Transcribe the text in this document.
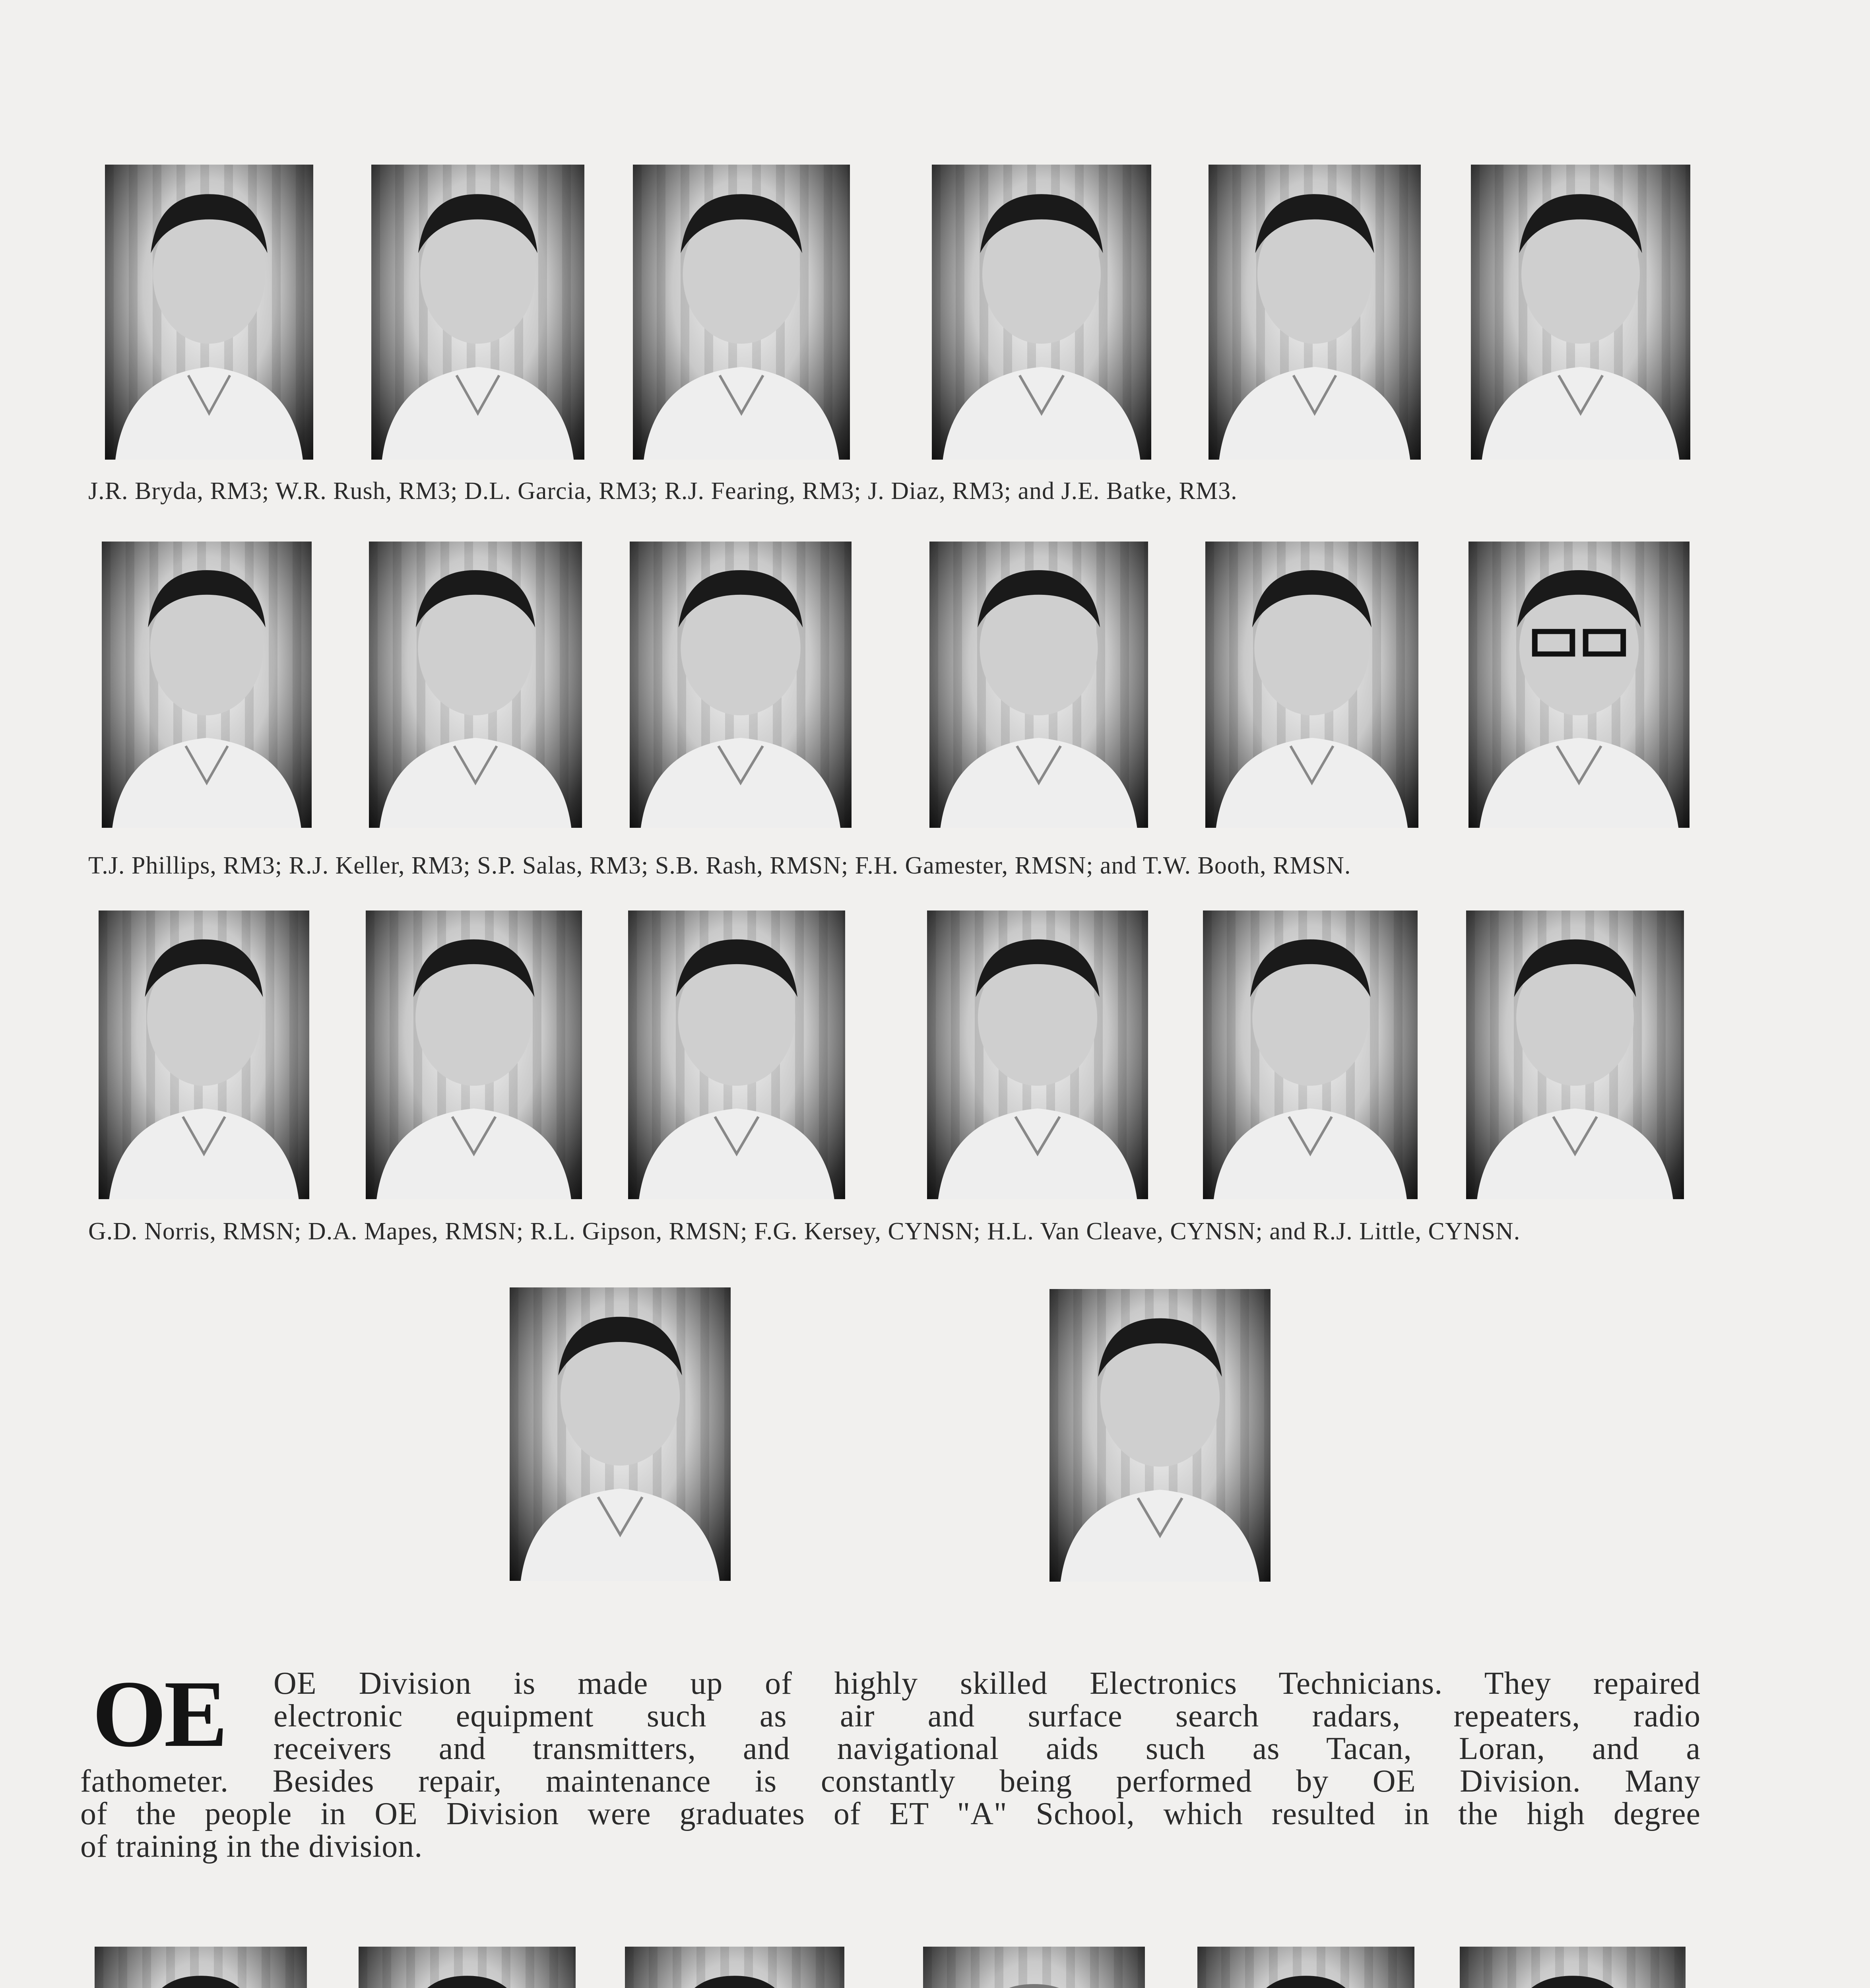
J.R. Bryda, RM3; W.R. Rush, RM3; D.L. Garcia, RM3; R.J. Fearing, RM3; J. Diaz, RM3; and J.E. Batke, RM3.
T.J. Phillips, RM3; R.J. Keller, RM3; S.P. Salas, RM3; S.B. Rash, RMSN; F.H. Gamester, RMSN; and T.W. Booth, RMSN.
G.D. Norris, RMSN; D.A. Mapes, RMSN; R.L. Gipson, RMSN; F.G. Kersey, CYNSN; H.L. Van Cleave, CYNSN; and R.J. Little, CYNSN.
OE OE Division is made up of highly skilled Electronics Technicians. They repaired
electronic equipment such as air and surface search radars, repeaters, radio
receivers and transmitters, and navigational aids such as Tacan, Loran, and a
fathometer. Besides repair, maintenance is constantly being performed by OE Division. Many
of the people in OE Division were graduates of ET "A" School, which resulted in the high degree
of training in the division.
